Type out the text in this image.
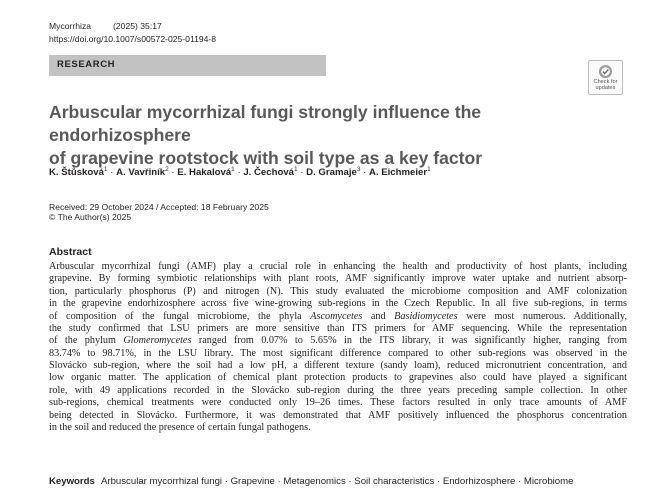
Mycorrhiza	(2025) 35:17
https://doi.org/10.1007/s00572-025-01194-8
RESEARCH
Check for
updates
Arbuscular mycorrhizal fungi strongly influence the endorhizosphere
of grapevine rootstock with soil type as a key factor
K. Štůsková$^1$ · A. Vavřiník$^2$ · E. Hakalová$^1$ · J. Čechová$^1$ · D. Gramaje$^3$ · A. Eichmeier$^1$
Received: 29 October 2024 / Accepted: 18 February 2025
© The Author(s) 2025
Abstract
Arbuscular mycorrhizal fungi (AMF) play a crucial role in enhancing the health and productivity of host plants, including
grapevine. By forming symbiotic relationships with plant roots, AMF significantly improve water uptake and nutrient absorp-
tion, particularly phosphorus (P) and nitrogen (N). This study evaluated the microbiome composition and AMF colonization
in the grapevine endorhizosphere across five wine-growing sub-regions in the Czech Republic. In all five sub-regions, in terms
of composition of the fungal microbiome, the phyla Ascomycetes and Basidiomycetes were most numerous. Additionally,
the study confirmed that LSU primers are more sensitive than ITS primers for AMF sequencing. While the representation
of the phylum Glomeromycetes ranged from 0.07% to 5.65% in the ITS library, it was significantly higher, ranging from
83.74% to 98.71%, in the LSU library. The most significant difference compared to other sub-regions was observed in the
Slovácko sub-region, where the soil had a low pH, a different texture (sandy loam), reduced micronutrient concentration, and
low organic matter. The application of chemical plant protection products to grapevines also could have played a significant
role, with 49 applications recorded in the Slovácko sub-region during the three years preceding sample collection. In other
sub-regions, chemical treatments were conducted only 19–26 times. These factors resulted in only trace amounts of AMF
being detected in Slovácko. Furthermore, it was demonstrated that AMF positively influenced the phosphorus concentration
in the soil and reduced the presence of certain fungal pathogens.
Keywords Arbuscular mycorrhizal fungi · Grapevine · Metagenomics · Soil characteristics · Endorhizosphere · Microbiome
